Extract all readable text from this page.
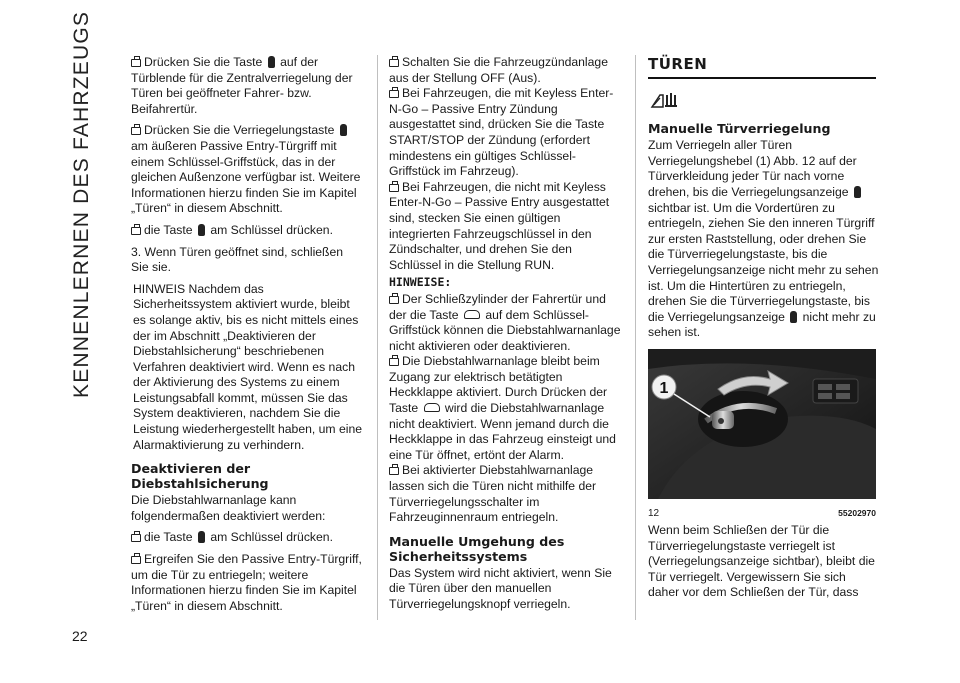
KENNENLERNEN DES FAHRZEUGS
22

Drücken Sie die Taste auf der Türblende für die Zentralverriegelung der Türen bei geöffneter Fahrer- bzw. Beifahrertür.

Drücken Sie die Verriegelungstaste  am äußeren Passive Entry-Türgriff mit einem Schlüssel-Griffstück, das in der gleichen Außenzone verfügbar ist. Weitere Informationen hierzu finden Sie im Kapitel „Türen“ in diesem Abschnitt.

die Taste am Schlüssel drücken.

3. Wenn Türen geöffnet sind, schließen Sie sie.

HINWEIS Nachdem das Sicherheitssystem aktiviert wurde, bleibt es solange aktiv, bis es nicht mittels eines der im Abschnitt „Deaktivieren der Diebstahlsicherung“ beschriebenen Verfahren deaktiviert wird. Wenn es nach der Aktivierung des Systems zu einem Leistungsabfall kommt, müssen Sie das System deaktivieren, nachdem Sie die Leistung wiederhergestellt haben, um eine Alarmaktivierung zu verhindern.

Deaktivieren der Diebstahlsicherung

Die Diebstahlwarnanlage kann folgendermaßen deaktiviert werden:

die Taste am Schlüssel drücken.

Ergreifen Sie den Passive Entry-Türgriff, um die Tür zu entriegeln; weitere Informationen hierzu finden Sie im Kapitel „Türen“ in diesem Abschnitt.

Schalten Sie die Fahrzeugzündanlage aus der Stellung OFF (Aus).

Bei Fahrzeugen, die mit Keyless Enter-N-Go – Passive Entry Zündung ausgestattet sind, drücken Sie die Taste START/STOP der Zündung (erfordert mindestens ein gültiges Schlüssel-Griffstück im Fahrzeug).

Bei Fahrzeugen, die nicht mit Keyless Enter-N-Go – Passive Entry ausgestattet sind, stecken Sie einen gültigen integrierten Fahrzeugschlüssel in den Zündschalter, und drehen Sie den Schlüssel in die Stellung RUN.

HINWEISE:

Der Schließzylinder der Fahrertür und der die Taste auf dem Schlüssel-Griffstück können die Diebstahlwarnanlage nicht aktivieren oder deaktivieren.

Die Diebstahlwarnanlage bleibt beim Zugang zur elektrisch betätigten Heckklappe aktiviert. Durch Drücken der Taste wird die Diebstahlwarnanlage nicht deaktiviert. Wenn jemand durch die Heckklappe in das Fahrzeug einsteigt und eine Tür öffnet, ertönt der Alarm.

Bei aktivierter Diebstahlwarnanlage lassen sich die Türen nicht mithilfe der Türverriegelungsschalter im Fahrzeuginnenraum entriegeln.

Manuelle Umgehung des Sicherheitssystems

Das System wird nicht aktiviert, wenn Sie die Türen über den manuellen Türverriegelungsknopf verriegeln.

TÜREN
Manuelle Türverriegelung

Zum Verriegeln aller Türen Verriegelungshebel (1) Abb. 12 auf der Türverkleidung jeder Tür nach vorne drehen, bis die Verriegelungsanzeige  sichtbar ist. Um die Vordertüren zu entriegeln, ziehen Sie den inneren Türgriff zur ersten Raststellung, oder drehen Sie die Türverriegelungstaste, bis die Verriegelungsanzeige nicht mehr zu sehen ist. Um die Hintertüren zu entriegeln, drehen Sie die Türverriegelungstaste, bis die Verriegelungsanzeige nicht mehr zu sehen ist.

1
12	55202970

Wenn beim Schließen der Tür die Türverriegelungstaste verriegelt ist (Verriegelungsanzeige sichtbar), bleibt die Tür verriegelt. Vergewissern Sie sich daher vor dem Schließen der Tür, dass
